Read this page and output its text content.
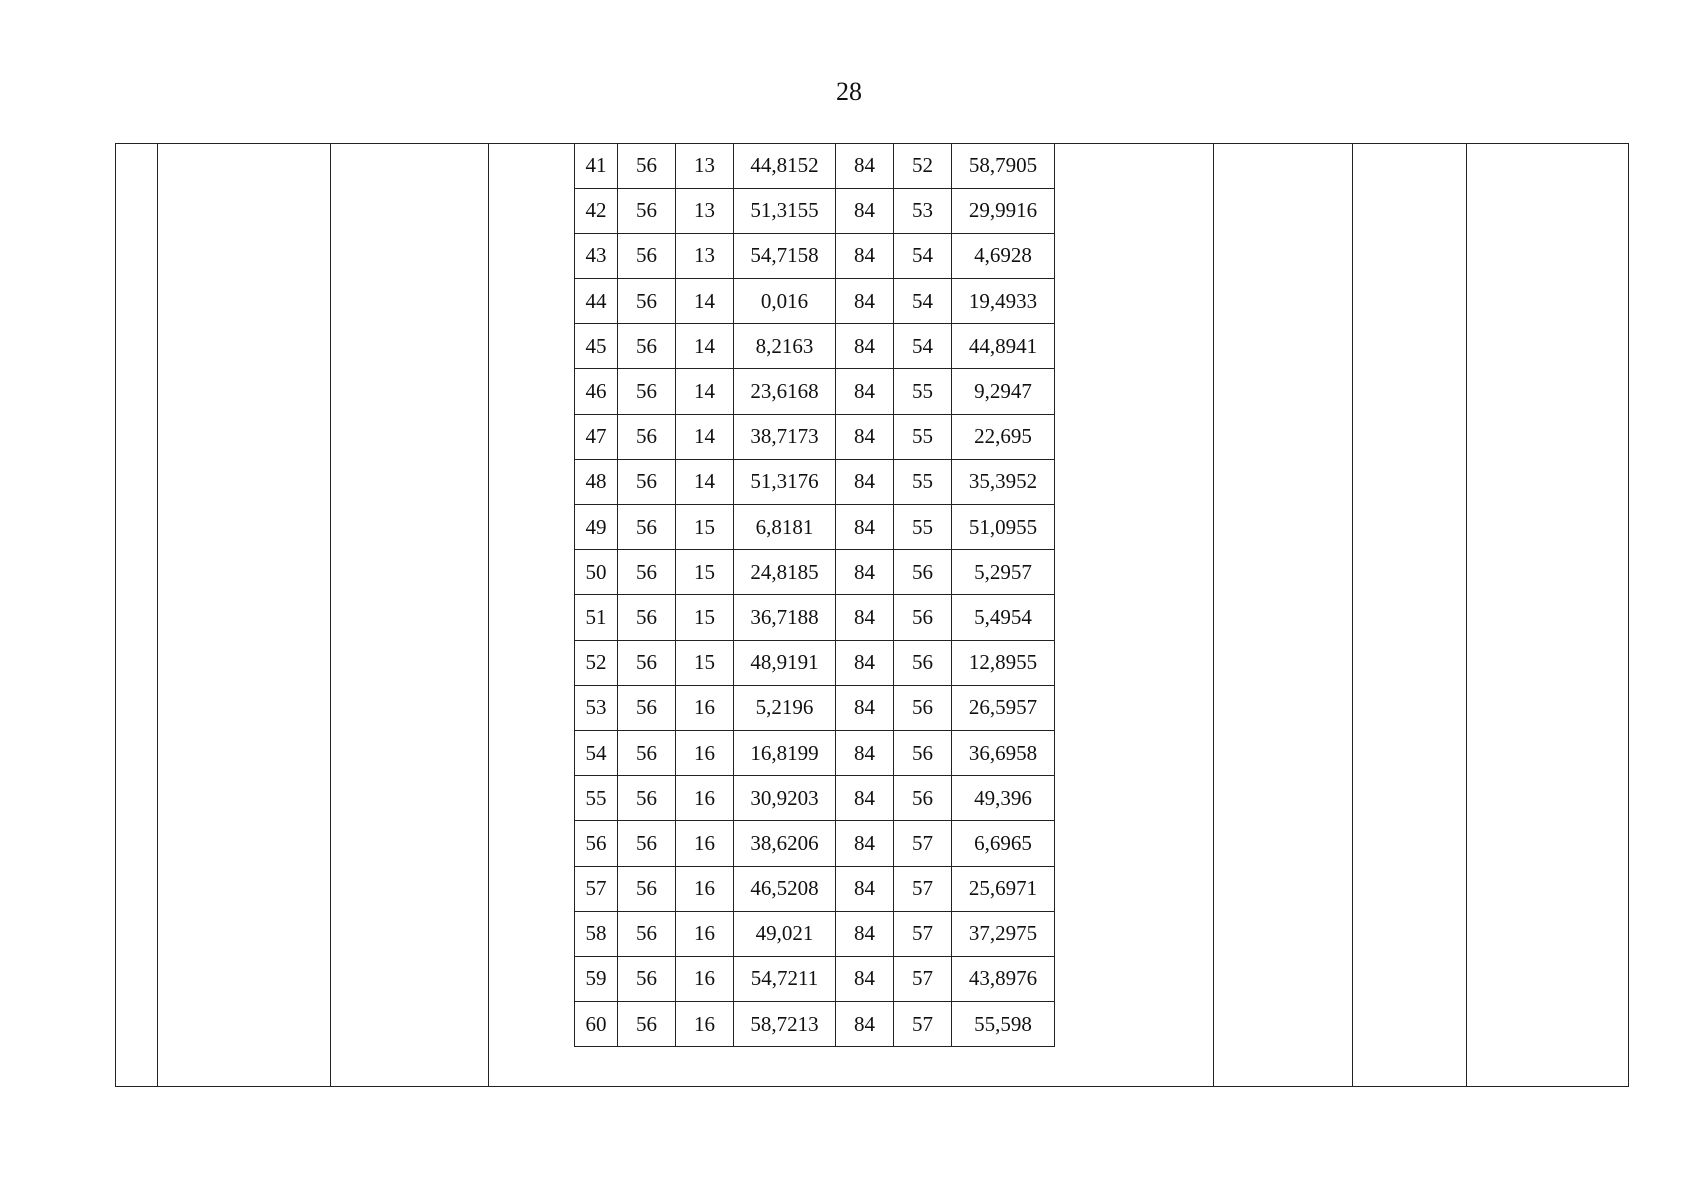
28
41	56	13	44,8152	84	52	58,7905
42	56	13	51,3155	84	53	29,9916
43	56	13	54,7158	84	54	4,6928
44	56	14	0,016	84	54	19,4933
45	56	14	8,2163	84	54	44,8941
46	56	14	23,6168	84	55	9,2947
47	56	14	38,7173	84	55	22,695
48	56	14	51,3176	84	55	35,3952
49	56	15	6,8181	84	55	51,0955
50	56	15	24,8185	84	56	5,2957
51	56	15	36,7188	84	56	5,4954
52	56	15	48,9191	84	56	12,8955
53	56	16	5,2196	84	56	26,5957
54	56	16	16,8199	84	56	36,6958
55	56	16	30,9203	84	56	49,396
56	56	16	38,6206	84	57	6,6965
57	56	16	46,5208	84	57	25,6971
58	56	16	49,021	84	57	37,2975
59	56	16	54,7211	84	57	43,8976
60	56	16	58,7213	84	57	55,598
